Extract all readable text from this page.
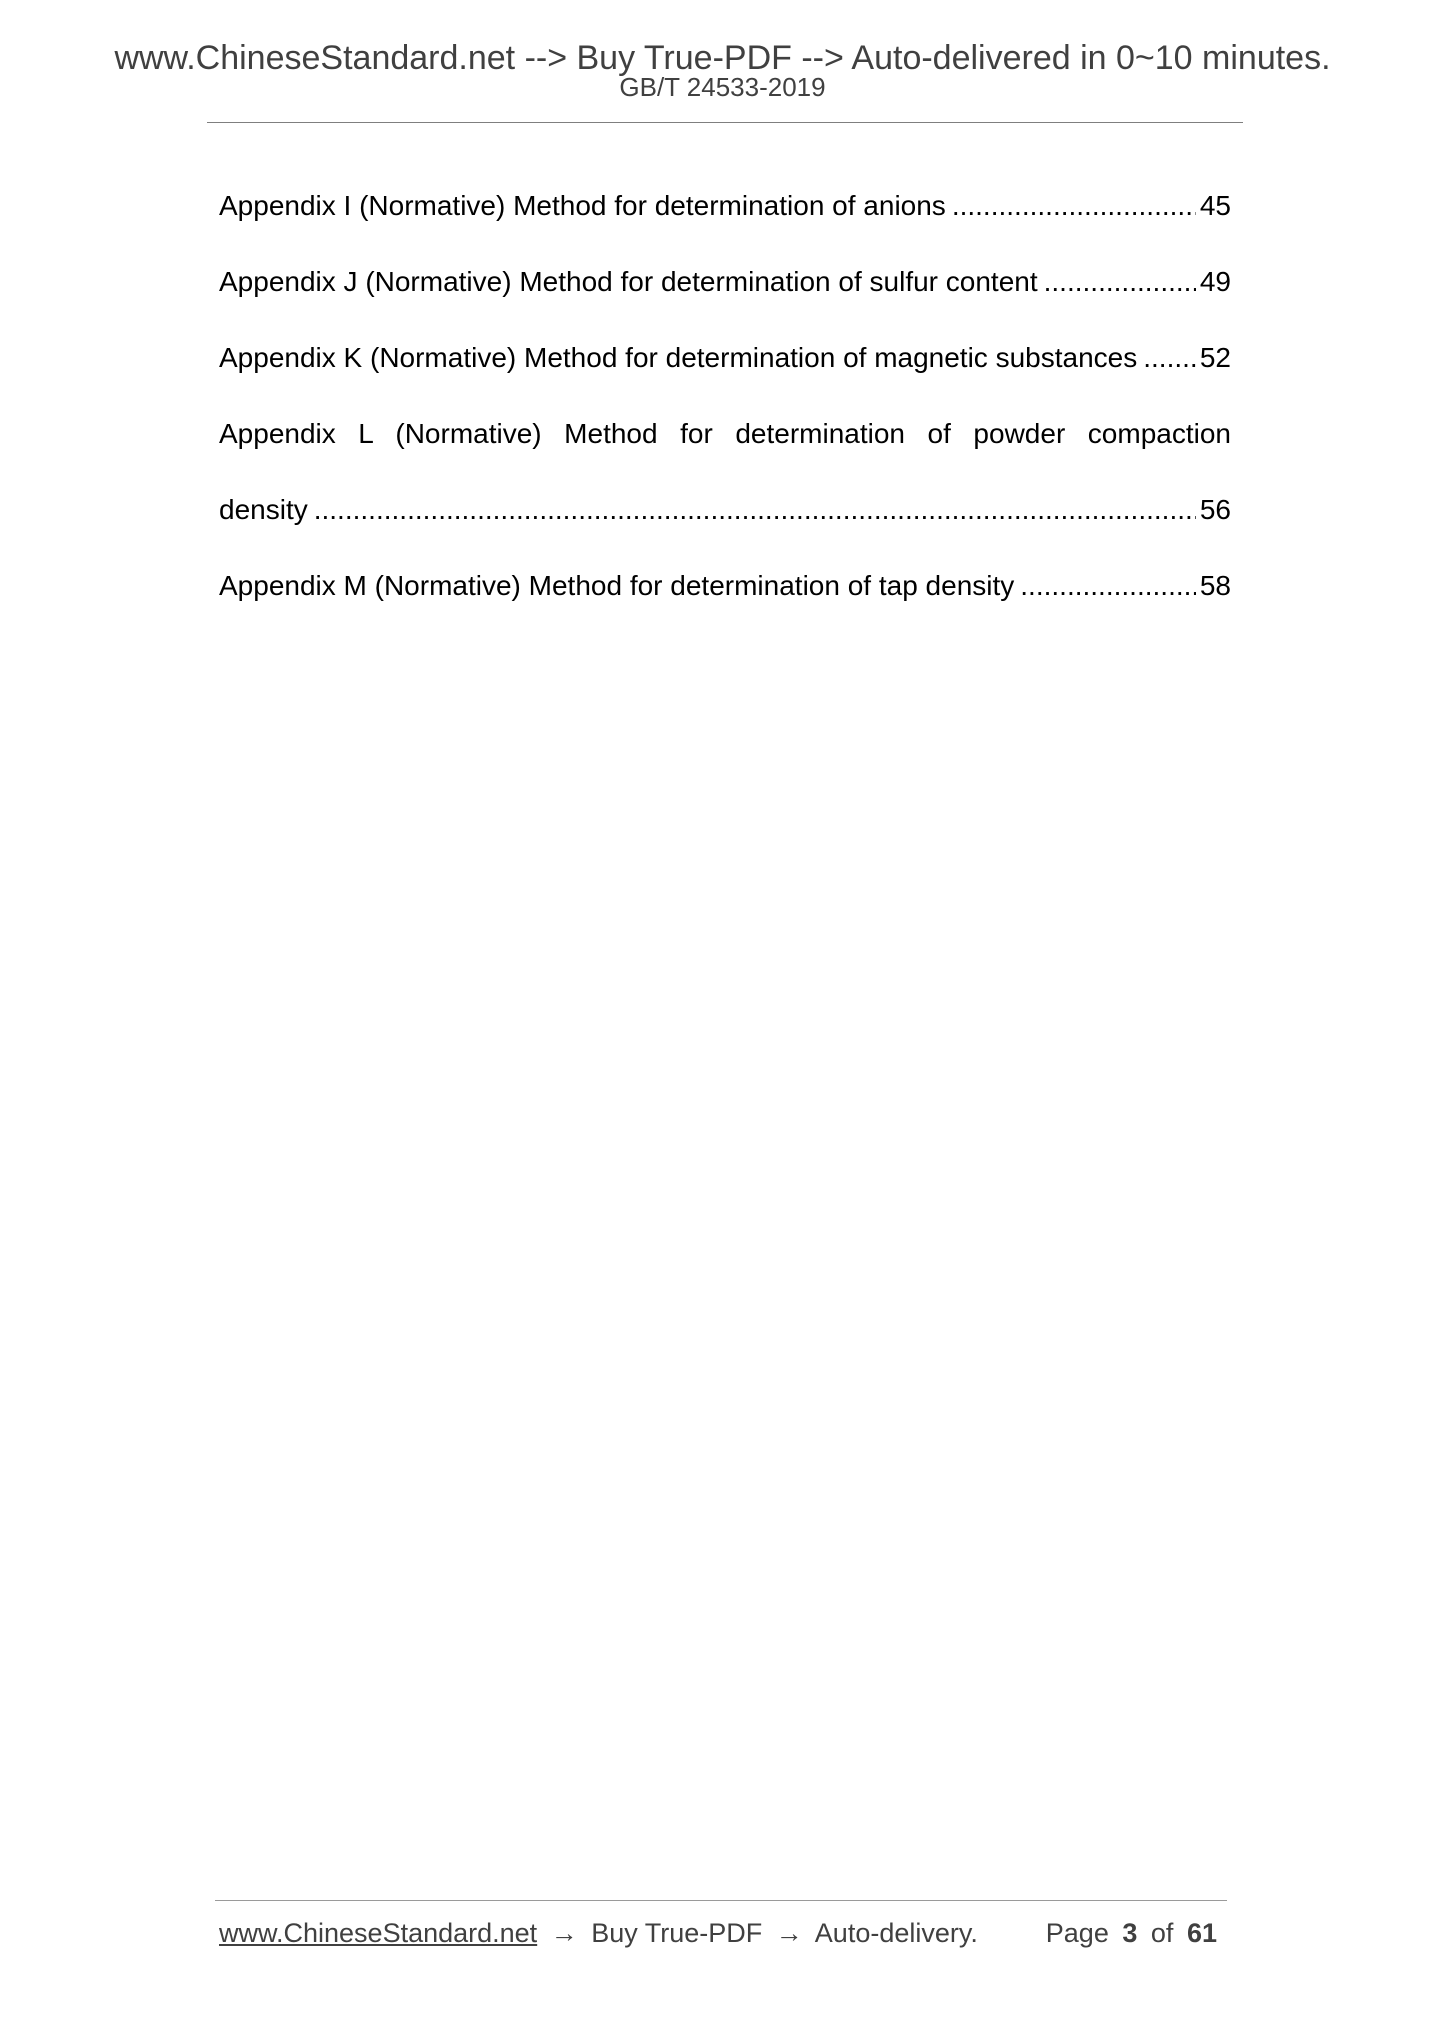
www.ChineseStandard.net --> Buy True-PDF --> Auto-delivered in 0~10 minutes.
GB/T 24533-2019
Appendix I (Normative) Method for determination of anions .....	45
Appendix J (Normative) Method for determination of sulfur content .....	49
Appendix K (Normative) Method for determination of magnetic substances ..... 52
Appendix L (Normative) Method for determination of powder compaction
density .....	56
Appendix M (Normative) Method for determination of tap density .....	58
www.ChineseStandard.net → Buy True-PDF → Auto-delivery.	Page 3 of 61
